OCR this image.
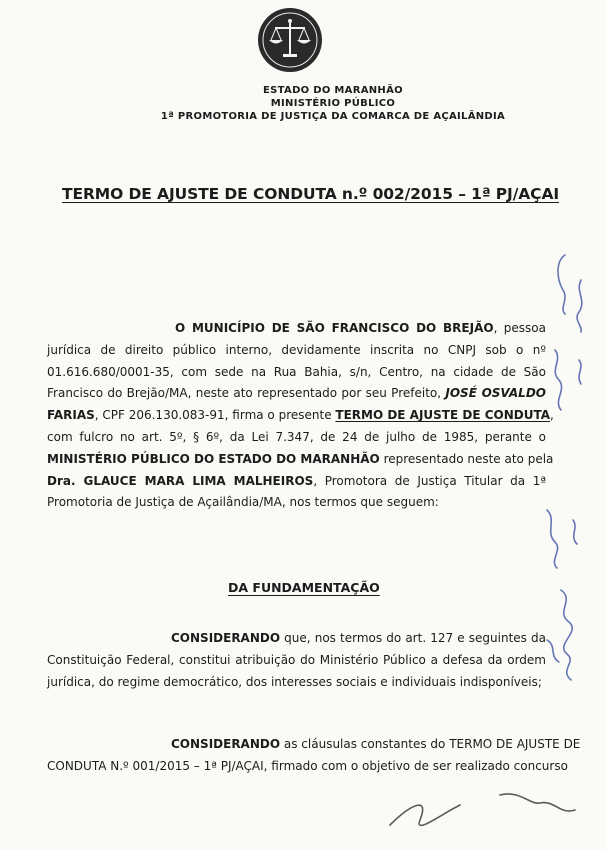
ESTADO DO MARANHÃO
MINISTÉRIO PÚBLICO
1ª PROMOTORIA DE JUSTIÇA DA COMARCA DE AÇAILÂNDIA
TERMO DE AJUSTE DE CONDUTA n.º 002/2015 – 1ª PJ/AÇAI
O MUNICÍPIO DE SÃO FRANCISCO DO BREJÃO, pessoa
jurídica de direito público interno, devidamente inscrita no CNPJ sob o nº
01.616.680/0001-35, com sede na Rua Bahia, s/n, Centro, na cidade de São
Francisco do Brejão/MA, neste ato representado por seu Prefeito, JOSÉ OSVALDO
FARIAS, CPF 206.130.083-91, firma o presente TERMO DE AJUSTE DE CONDUTA,
com fulcro no art. 5º, § 6º, da Lei 7.347, de 24 de julho de 1985, perante o
MINISTÉRIO PÚBLICO DO ESTADO DO MARANHÃO representado neste ato pela
Dra. GLAUCE MARA LIMA MALHEIROS, Promotora de Justiça Titular da 1ª
Promotoria de Justiça de Açailândia/MA, nos termos que seguem:
DA FUNDAMENTAÇÃO
CONSIDERANDO que, nos termos do art. 127 e seguintes da
Constituição Federal, constitui atribuição do Ministério Público a defesa da ordem
jurídica, do regime democrático, dos interesses sociais e individuais indisponíveis;
CONSIDERANDO as cláusulas constantes do TERMO DE AJUSTE DE
CONDUTA N.º 001/2015 – 1ª PJ/AÇAI, firmado com o objetivo de ser realizado concurso
